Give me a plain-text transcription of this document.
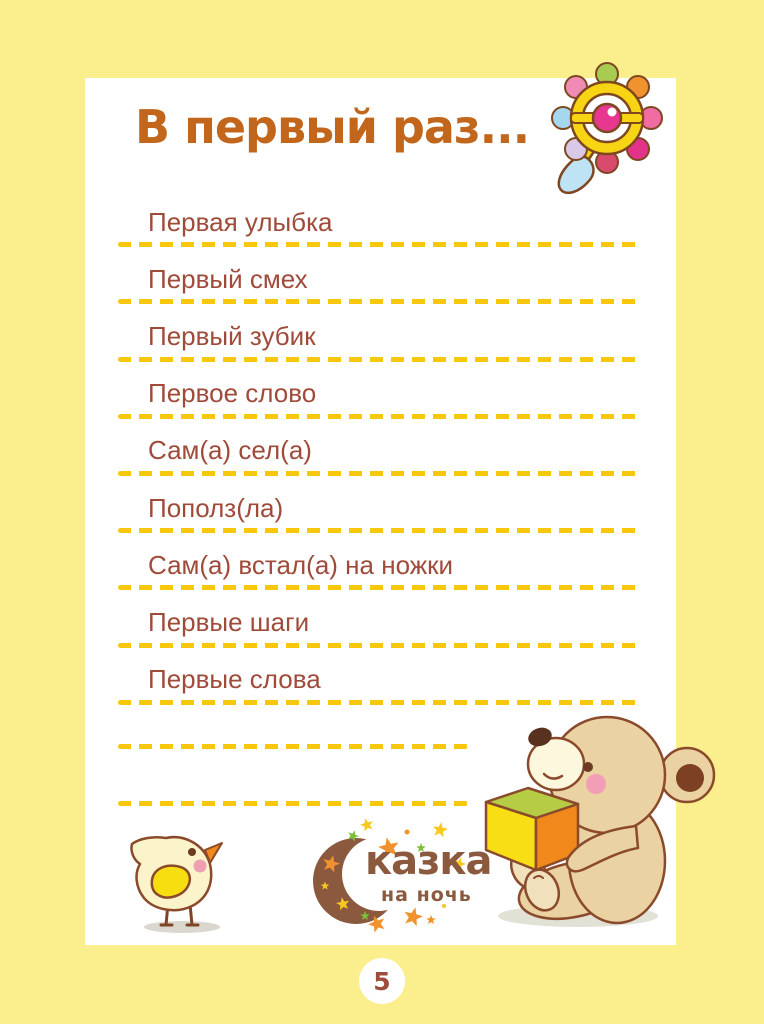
В первый раз...
Первая улыбка
Первый смех
Первый зубик
Первое слово
Сам(а) сел(а)
Пополз(ла)
Сам(а) встал(а) на ножки
Первые шаги
Первые слова
казка
на ночь
5
